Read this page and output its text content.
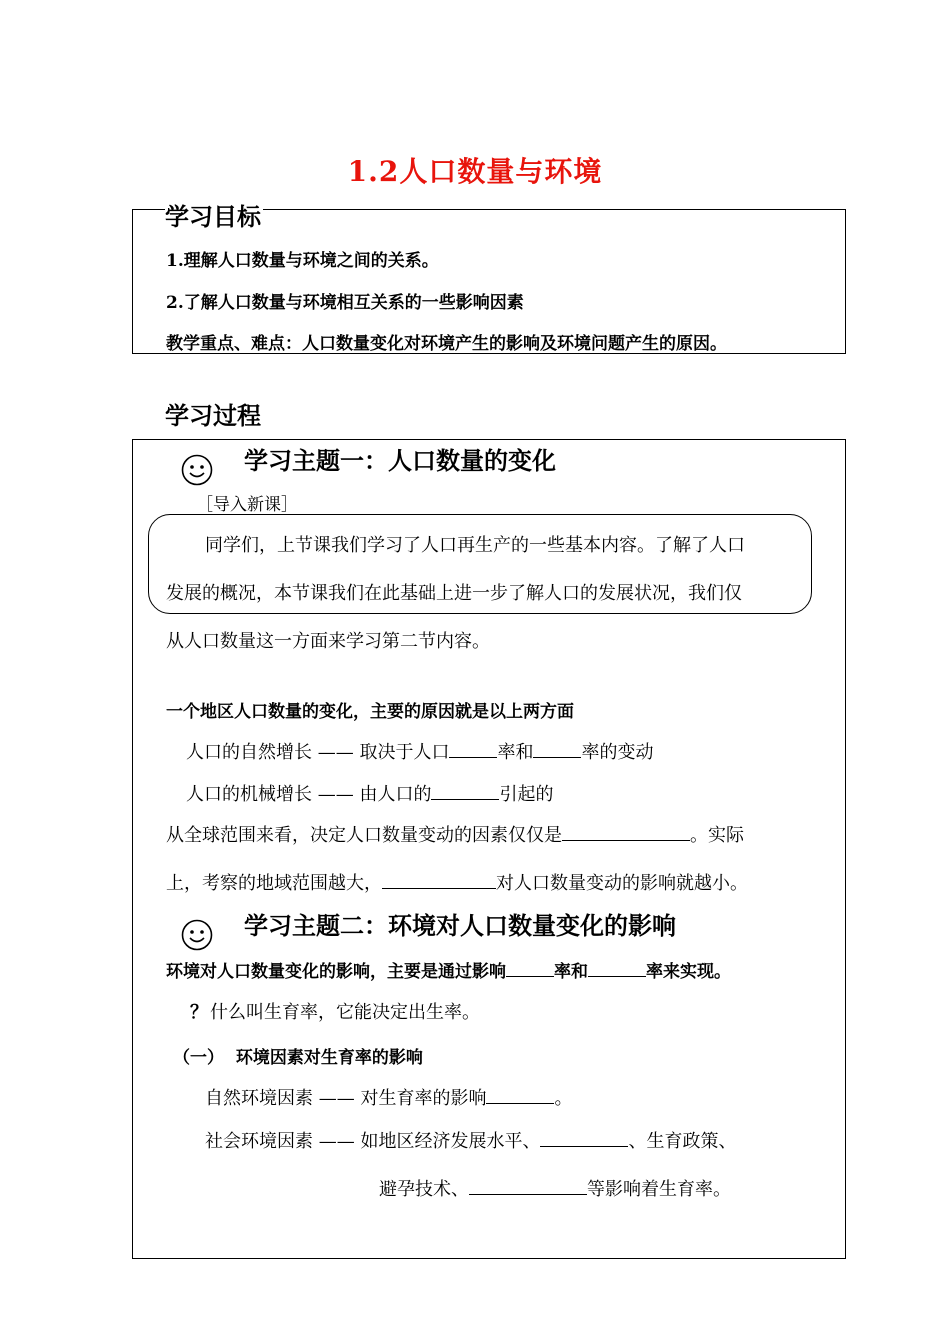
1.2人口数量与环境
学习目标
1.理解人口数量与环境之间的关系。
2.了解人口数量与环境相互关系的一些影响因素
教学重点、难点：人口数量变化对环境产生的影响及环境问题产生的原因。
学习过程
学习主题一：人口数量的变化
［导入新课］
同学们，上节课我们学习了人口再生产的一些基本内容。了解了人口
发展的概况，本节课我们在此基础上进一步了解人口的发展状况，我们仅
从人口数量这一方面来学习第二节内容。
一个地区人口数量的变化，主要的原因就是以上两方面
人口的自然增长 —— 取决于人口	率和	率的变动
人口的机械增长 —— 由人口的	引起的
从全球范围来看，决定人口数量变动的因素仅仅是	。实际
上，考察的地域范围越大，	对人口数量变动的影响就越小。
学习主题二：环境对人口数量变化的影响
环境对人口数量变化的影响，主要是通过影响	率和	率来实现。
？ 什么叫生育率，它能决定出生率。
（一）  环境因素对生育率的影响
自然环境因素 —— 对生育率的影响	。
社会环境因素 —— 如地区经济发展水平、	、生育政策、
避孕技术、	等影响着生育率。
